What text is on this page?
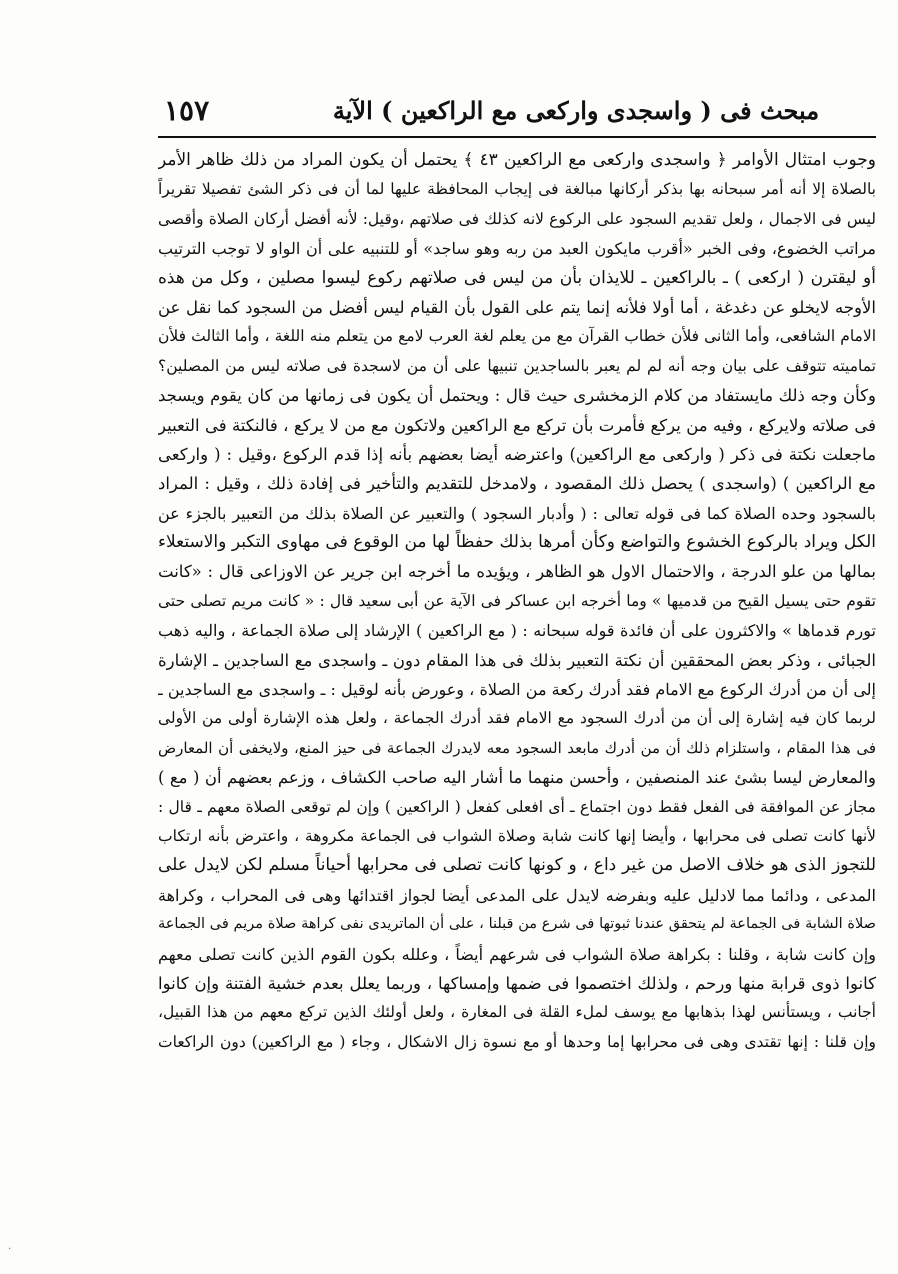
مبحث فى ( واسجدى واركعى مع الراكعين ) الآية
١٥٧
وجوب امتثال الأوامر ﴿ واسجدى واركعى مع الراكعين ٤٣ ﴾ يحتمل أن يكون المراد من ذلك ظاهر الأمر
بالصلاة إلا أنه أمر سبحانه بها بذكر أركانها مبالغة فى إيجاب المحافظة عليها لما أن فى ذكر الشئ تفصيلا تقريراً
ليس فى الاجمال ، ولعل تقديم السجود على الركوع لانه كذلك فى صلاتهم ،وقيل: لأنه أفضل أركان الصلاة وأقصى
مراتب الخضوع، وفى الخبر «أقرب مايكون العبد من ربه وهو ساجد» أو للتنبيه على أن الواو لا توجب الترتيب
أو ليقترن ( اركعى ) ـ بالراكعين ـ للايذان بأن من ليس فى صلاتهم ركوع ليسوا مصلين ، وكل من هذه
الأوجه لايخلو عن دغدغة ، أما أولا فلأنه إنما يتم على القول بأن القيام ليس أفضل من السجود كما نقل عن
الامام الشافعى، وأما الثانى فلأن خطاب القرآن مع من يعلم لغة العرب لامع من يتعلم منه اللغة ، وأما الثالث فلأن
تماميته تتوقف على بيان وجه أنه لم لم يعبر بالساجدين تنبيها على أن من لاسجدة فى صلاته ليس من المصلين؟
وكأن وجه ذلك مايستفاد من كلام الزمخشرى حيث قال : ويحتمل أن يكون فى زمانها من كان يقوم ويسجد
فى صلاته ولايركع ، وفيه من يركع فأمرت بأن تركع مع الراكعين ولاتكون مع من لا يركع ، فالنكتة فى التعبير
ماجعلت نكتة فى ذكر ( واركعى مع الراكعين) واعترضه أيضا بعضهم بأنه إذا قدم الركوع ،وقيل : ( واركعى
مع الراكعين ) (واسجدى ) يحصل ذلك المقصود ، ولامدخل للتقديم والتأخير فى إفادة ذلك ، وقيل : المراد
بالسجود وحده الصلاة كما فى قوله تعالى : ( وأدبار السجود ) والتعبير عن الصلاة بذلك من التعبير بالجزء عن
الكل ويراد بالركوع الخشوع والتواضع وكأن أمرها بذلك حفظاً لها من الوقوع فى مهاوى التكبر والاستعلاء
بمالها من علو الدرجة ، والاحتمال الاول هو الظاهر ، ويؤيده ما أخرجه ابن جرير عن الاوزاعى قال : «كانت
تقوم حتى يسيل القيح من قدميها » وما أخرجه ابن عساكر فى الآية عن أبى سعيد قال : « كانت مريم تصلى حتى
تورم قدماها » والاكثرون على أن فائدة قوله سبحانه : ( مع الراكعين ) الإرشاد إلى صلاة الجماعة ، واليه ذهب
الجبائى ، وذكر بعض المحققين أن نكتة التعبير بذلك فى هذا المقام دون ـ واسجدى مع الساجدين ـ الإشارة
إلى أن من أدرك الركوع مع الامام فقد أدرك ركعة من الصلاة ، وعورض بأنه لوقيل : ـ واسجدى مع الساجدين ـ
لربما كان فيه إشارة إلى أن من أدرك السجود مع الامام فقد أدرك الجماعة ، ولعل هذه الإشارة أولى من الأولى
فى هذا المقام ، واستلزام ذلك أن من أدرك مابعد السجود معه لايدرك الجماعة فى حيز المنع، ولايخفى أن المعارض
والمعارض ليسا بشئ عند المنصفين ، وأحسن منهما ما أشار اليه صاحب الكشاف ، وزعم بعضهم أن ( مع )
مجاز عن الموافقة فى الفعل فقط دون اجتماع ـ أى افعلى كفعل ( الراكعين ) وإن لم توقعى الصلاة معهم ـ قال :
لأنها كانت تصلى فى محرابها ، وأيضا إنها كانت شابة وصلاة الشواب فى الجماعة مكروهة ، واعترض بأنه ارتكاب
للتجوز الذى هو خلاف الاصل من غير داع ، و كونها كانت تصلى فى محرابها أحياناً مسلم لكن لايدل على
المدعى ، ودائما مما لادليل عليه وبفرضه لايدل على المدعى أيضا لجواز اقتدائها وهى فى المحراب ، وكراهة
صلاة الشابة فى الجماعة لم يتحقق عندنا ثبوتها فى شرع من قبلنا ، على أن الماتريدى نفى كراهة صلاة مريم فى الجماعة
وإن كانت شابة ، وقلنا : بكراهة صلاة الشواب فى شرعهم أيضاً ، وعلله بكون القوم الذين كانت تصلى معهم
كانوا ذوى قرابة منها ورحم ، ولذلك اختصموا فى ضمها وإمساكها ، وربما يعلل بعدم خشية الفتنة وإن كانوا
أجانب ، ويستأنس لهذا بذهابها مع يوسف لملء القلة فى المغارة ، ولعل أولئك الذين تركع معهم من هذا القبيل،
وإن قلنا : إنها تقتدى وهى فى محرابها إما وحدها أو مع نسوة زال الاشكال ، وجاء ( مع الراكعين) دون الراكعات
·
